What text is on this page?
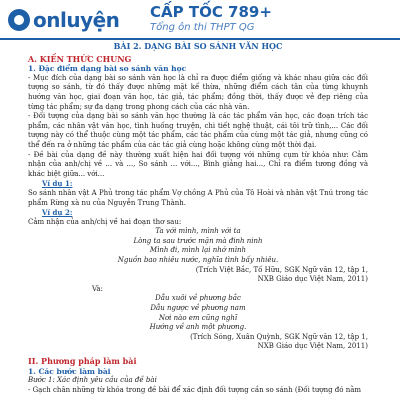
onluyện CẤP TỐC 789+
Tổng ôn thi THPT QG

BÀI 2. DẠNG BÀI SO SÁNH VĂN HỌC

A. KIẾN THỨC CHUNG

1. Đặc điểm dạng bài so sánh văn học

- Mục đích của dạng bài so sánh văn học là chỉ ra được điểm giống và khác nhau giữa các đối tượng so sánh, từ đó thấy được những mặt kế thừa, những điểm cách tân của từng khuynh hướng văn học, giai đoạn văn học, tác giả, tác phẩm; đồng thời, thấy được vẻ đẹp riêng của từng tác phẩm; sự đa dạng trong phong cách của các nhà văn.

- Đối tượng của dạng bài so sánh văn học thường là các tác phẩm văn học, các đoạn trích tác phẩm, các nhân vật văn học, tình huống truyện, chi tiết nghệ thuật, cái tôi trữ tình,... Các đối tượng này có thể thuộc cùng một tác phẩm, các tác phẩm của cùng một tác giả, nhưng cũng có thể đến ra ở những tác phẩm của các tác giả cùng hoặc không cùng một thời đại.

- Đề bài của dạng đề này thường xuất hiện hai đối tượng với những cụm từ khóa như: Cảm nhận của anh/chị về ... và ..., So sánh ... với..., Bình giảng hai..., Chỉ ra điểm tương đồng và khác biệt giữa... với...

Ví dụ 1:

So sánh nhân vật A Phủ trong tác phẩm Vợ chồng A Phủ của Tô Hoài và nhân vật Tnú trong tác phẩm Rừng xà nu của Nguyễn Trung Thành.

Ví dụ 2:

Cảm nhận của anh/chị về hai đoạn thơ sau:

Ta với mình, mình với ta

Lòng ta sau trước mặn mà đinh ninh

Mình đi, mình lại nhớ mình

Nguồn bao nhiêu nước, nghĩa tình bấy nhiêu.

(Trích Việt Bắc, Tố Hữu, SGK Ngữ văn 12, tập 1,

NXB Giáo dục Việt Nam, 2011)

Và:

Dẫu xuôi về phương bắc

Dẫu ngược về phương nam

Nơi nào em cũng nghĩ

Hướng về anh một phương.

(Trích Sóng, Xuân Quỳnh, SGK Ngữ văn 12, tập 1,

NXB Giáo dục Việt Nam, 2011)

II. Phương pháp làm bài

1. Các bước làm bài

Bước 1: Xác định yêu cầu của đề bài

- Gạch chân những từ khóa trong đề bài để xác định đối tượng cần so sánh (Đối tượng đó nằm
